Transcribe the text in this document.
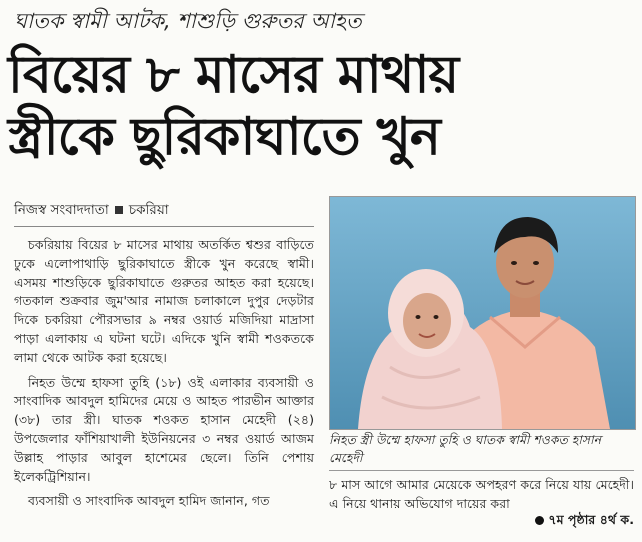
ঘাতক স্বামী আটক, শাশুড়ি গুরুতর আহত
বিয়ের ৮ মাসের মাথায়
স্ত্রীকে ছুরিকাঘাতে খুন
নিজস্ব সংবাদদাতা চকরিয়া

চকরিয়ায় বিয়ের ৮ মাসের মাথায় অতর্কিত শ্বশুর বাড়িতে ঢুকে এলোপাথাড়ি ছুরিকাঘাতে স্ত্রীকে খুন করেছে স্বামী। এসময় শাশুড়িকে ছুরিকাঘাতে গুরুতর আহত করা হয়েছে। গতকাল শুক্রবার জুম'আর নামাজ চলাকালে দুপুর দেড়টার দিকে চকরিয়া পৌরসভার ৯ নম্বর ওয়ার্ড মজিদিয়া মাদ্রাসা পাড়া এলাকায় এ ঘটনা ঘটে। এদিকে খুনি স্বামী শওকতকে লামা থেকে আটক করা হয়েছে।

নিহত উম্মে হাফসা তুহি (১৮) ওই এলাকার ব্যবসায়ী ও সাংবাদিক আবদুল হামিদের মেয়ে ও আহত পারভীন আক্তার (৩৮) তার স্ত্রী। ঘাতক শওকত হাসান মেহেদী (২৪) উপজেলার ফাঁশিয়াখালী ইউনিয়নের ৩ নম্বর ওয়ার্ড আজম উল্লাহ পাড়ার আবুল হাশেমের ছেলে। তিনি পেশায় ইলেকট্রিশিয়ান।

ব্যবসায়ী ও সাংবাদিক আবদুল হামিদ জানান, গত

নিহত স্ত্রী উম্মে হাফসা তুহি ও ঘাতক স্বামী শওকত হাসান মেহেদী
৮ মাস আগে আমার মেয়েকে অপহরণ করে নিয়ে যায় মেহেদী। এ নিয়ে থানায় অভিযোগ দায়ের করা
৭ম পৃষ্ঠার ৪র্থ ক.
